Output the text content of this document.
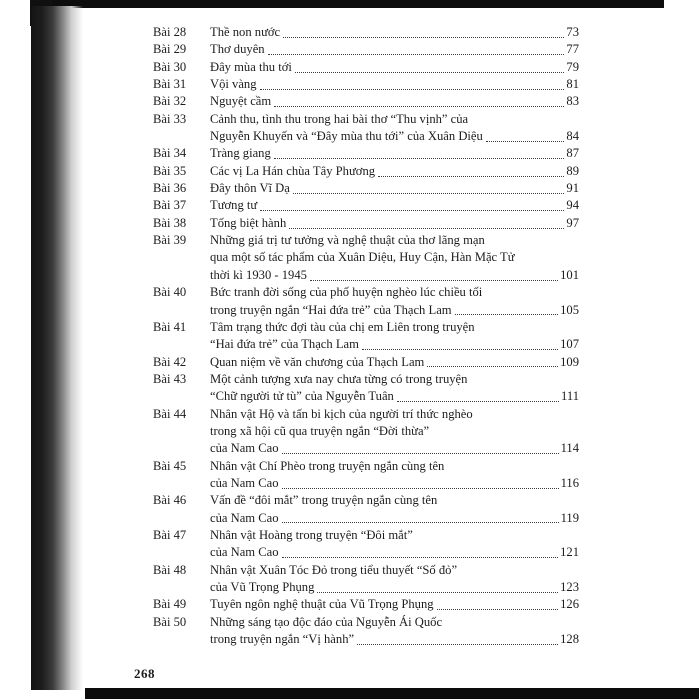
Bài 28	Thề non nước	73
Bài 29	Thơ duyên	77
Bài 30	Đây mùa thu tới	79
Bài 31	Vội vàng	81
Bài 32	Nguyệt cầm	83
Bài 33	Cảnh thu, tình thu trong hai bài thơ “Thu vịnh” của
Nguyễn Khuyến và “Đây mùa thu tới” của Xuân Diệu	84
Bài 34	Tràng giang	87
Bài 35	Các vị La Hán chùa Tây Phương	89
Bài 36	Đây thôn Vĩ Dạ	91
Bài 37	Tương tư	94
Bài 38	Tống biệt hành	97
Bài 39	Những giá trị tư tưởng và nghệ thuật của thơ lãng mạn
qua một số tác phẩm của Xuân Diệu, Huy Cận, Hàn Mặc Tử
thời kì 1930 - 1945	101
Bài 40	Bức tranh đời sống của phố huyện nghèo lúc chiều tối
trong truyện ngắn “Hai đứa trẻ” của Thạch Lam	105
Bài 41	Tâm trạng thức đợi tàu của chị em Liên trong truyện
“Hai đứa trẻ” của Thạch Lam	107
Bài 42	Quan niệm về văn chương của Thạch Lam	109
Bài 43	Một cảnh tượng xưa nay chưa từng có trong truyện
“Chữ người tử tù” của Nguyễn Tuân	111
Bài 44	Nhân vật Hộ và tấn bi kịch của người trí thức nghèo
trong xã hội cũ qua truyện ngắn “Đời thừa”
của Nam Cao	114
Bài 45	Nhân vật Chí Phèo trong truyện ngắn cùng tên
của Nam Cao	116
Bài 46	Vấn đề “đôi mắt” trong truyện ngắn cùng tên
của Nam Cao	119
Bài 47	Nhân vật Hoàng trong truyện “Đôi mắt”
của Nam Cao	121
Bài 48	Nhân vật Xuân Tóc Đỏ trong tiểu thuyết “Số đỏ”
của Vũ Trọng Phụng	123
Bài 49	Tuyên ngôn nghệ thuật của Vũ Trọng Phụng	126
Bài 50	Những sáng tạo độc đáo của Nguyễn Ái Quốc
trong truyện ngắn “Vị hành”	128
268
